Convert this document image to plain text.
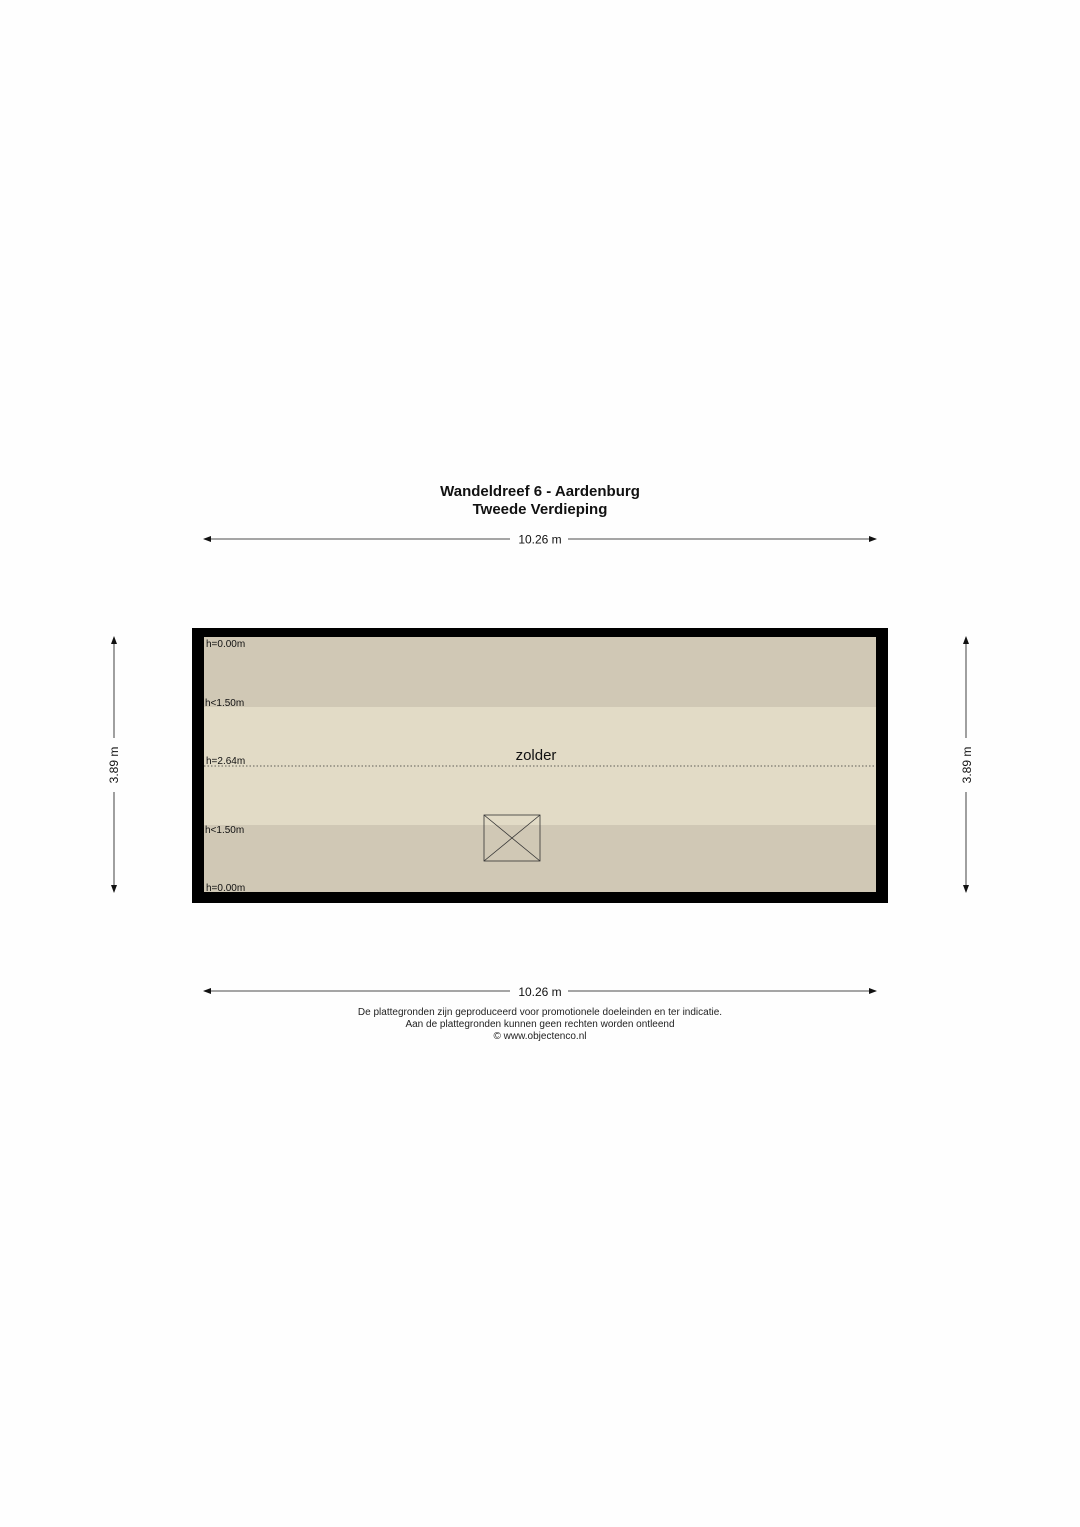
Wandeldreef 6 - Aardenburg
Tweede Verdieping
10.26 m
10.26 m
3.89 m	3.89 m
h=0.00m
h<1.50m
h=2.64m
h<1.50m
h=0.00m
zolder
De plattegronden zijn geproduceerd voor promotionele doeleinden en ter indicatie.
Aan de plattegronden kunnen geen rechten worden ontleend
© www.objectenco.nl
